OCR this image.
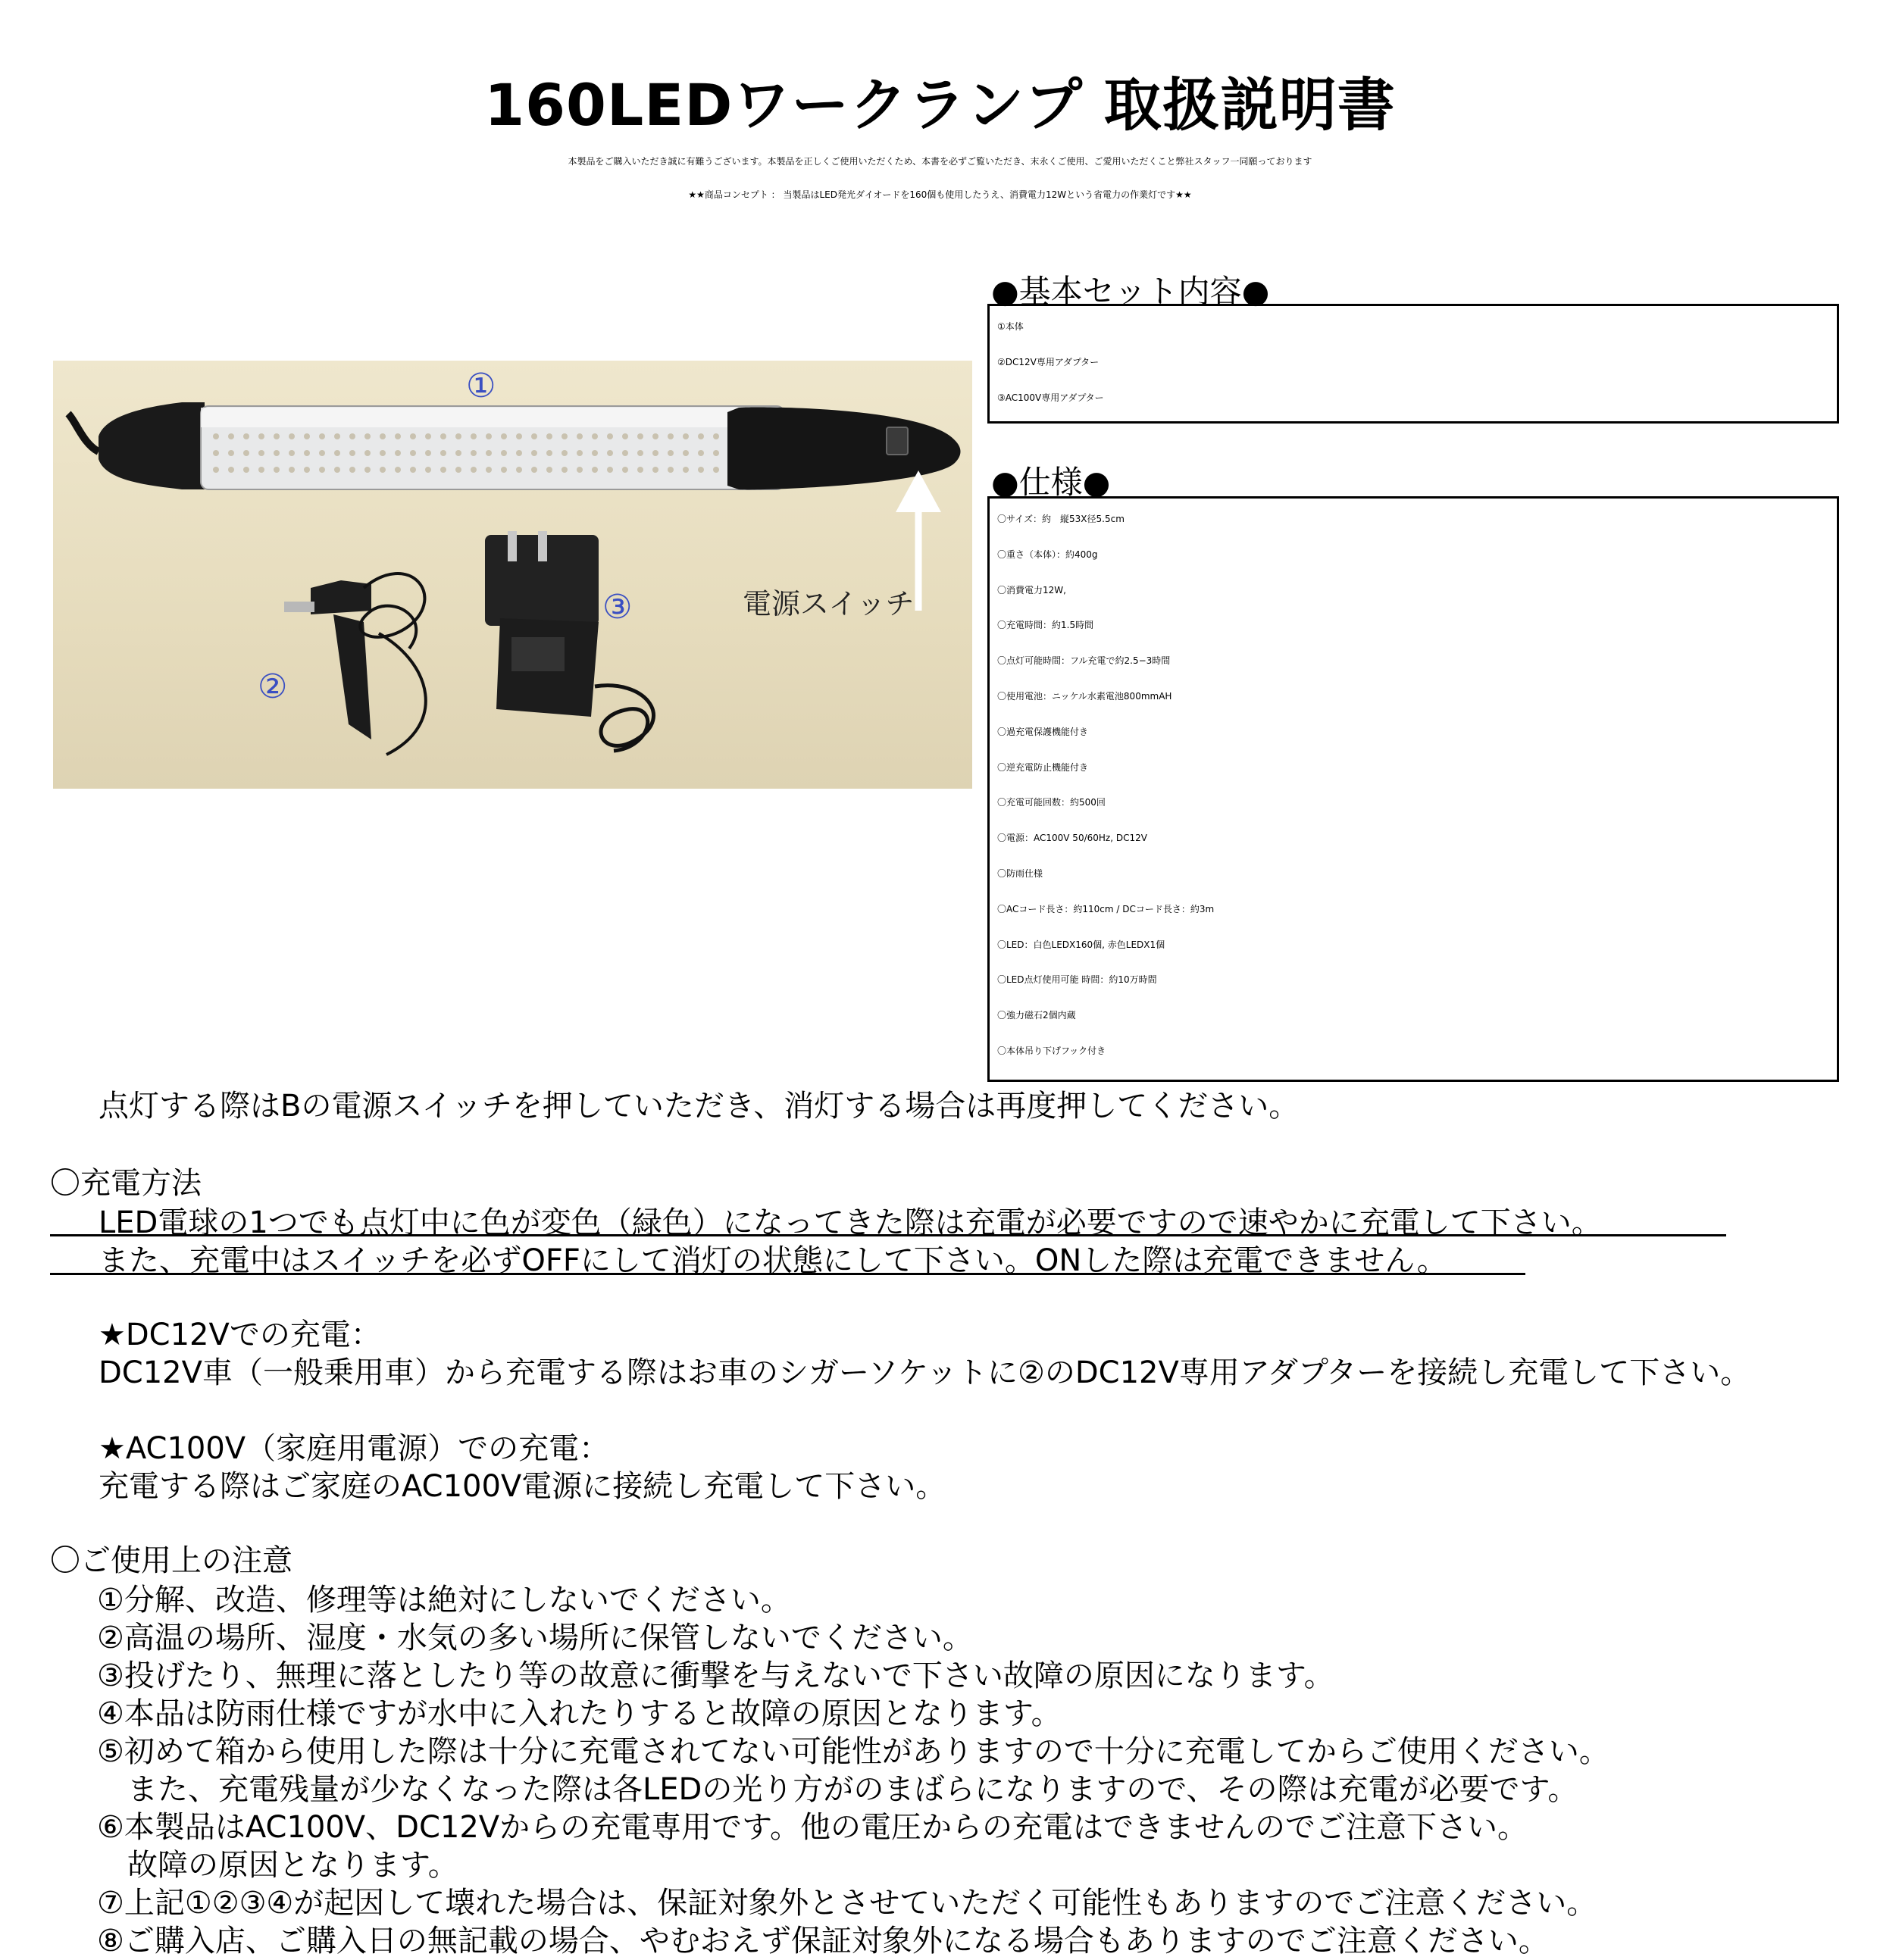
160LEDワークランプ 取扱説明書
本製品をご購入いただき誠に有難うございます。本製品を正しくご使用いただくため、本書を必ずご覧いただき、末永くご使用、ご愛用いただくこと弊社スタッフ一同願っております
★★商品コンセプト ： 当製品はLED発光ダイオードを160個も使用したうえ、消費電力12Wという省電力の作業灯です★★
①
②
③	電源スイッチ
●基本セット内容●
①本体
②DC12V専用アダプター
③AC100V専用アダプター
●仕様●
〇サイズ：約　縦53X径5.5cm
〇重さ（本体）：約400g
〇消費電力12W,
〇充電時間：約1.5時間
〇点灯可能時間：フル充電で約2.5−3時間
〇使用電池：ニッケル水素電池800mmAH
〇過充電保護機能付き
〇逆充電防止機能付き
〇充電可能回数：約500回
〇電源：AC100V 50/60Hz, DC12V
〇防雨仕様
〇ACコード長さ：約110cm / DCコード長さ：約3m
〇LED：白色LEDX160個, 赤色LEDX1個
〇LED点灯使用可能 時間：約10万時間
〇強力磁石2個内蔵
〇本体吊り下げフック付き
点灯する際はBの電源スイッチを押していただき、消灯する場合は再度押してください。
〇充電方法
LED電球の1つでも点灯中に色が変色（緑色）になってきた際は充電が必要ですので速やかに充電して下さい。
また、充電中はスイッチを必ずOFFにして消灯の状態にして下さい。ONした際は充電できません。
★DC12Vでの充電：
DC12V車（一般乗用車）から充電する際はお車のシガーソケットに②のDC12V専用アダプターを接続し充電して下さい。
★AC100V（家庭用電源）での充電：
充電する際はご家庭のAC100V電源に接続し充電して下さい。
〇ご使用上の注意
①分解、改造、修理等は絶対にしないでください。
②高温の場所、湿度・水気の多い場所に保管しないでください。
③投げたり、無理に落としたり等の故意に衝撃を与えないで下さい故障の原因になります。
④本品は防雨仕様ですが水中に入れたりすると故障の原因となります。
⑤初めて箱から使用した際は十分に充電されてない可能性がありますので十分に充電してからご使用ください。
　また、充電残量が少なくなった際は各LEDの光り方がのまばらになりますので、その際は充電が必要です。
⑥本製品はAC100V、DC12Vからの充電専用です。他の電圧からの充電はできませんのでご注意下さい。
　故障の原因となります。
⑦上記①②③④が起因して壊れた場合は、保証対象外とさせていただく可能性もありますのでご注意ください。
⑧ご購入店、ご購入日の無記載の場合、やむおえず保証対象外になる場合もありますのでご注意ください。
